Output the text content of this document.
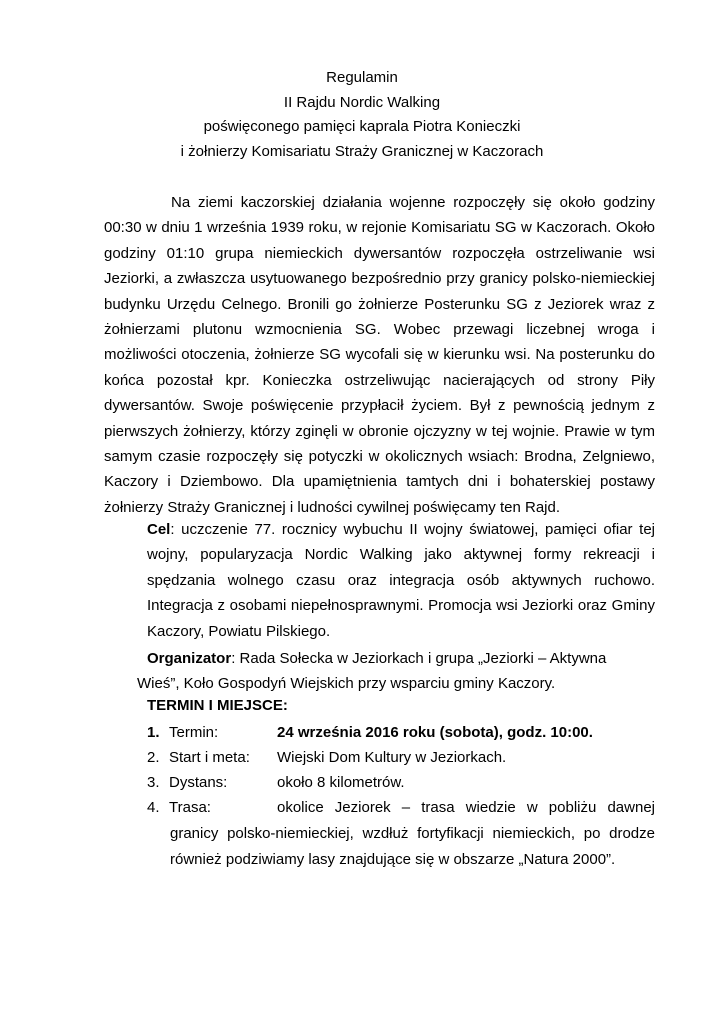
Regulamin
II Rajdu Nordic Walking
poświęconego pamięci kaprala Piotra Konieczki
i żołnierzy Komisariatu Straży Granicznej w Kaczorach

Na ziemi kaczorskiej działania wojenne rozpoczęły się około godziny 00:30 w dniu 1 września 1939 roku, w rejonie Komisariatu SG w Kaczorach. Około godziny 01:10 grupa niemieckich dywersantów rozpoczęła ostrzeliwanie wsi Jeziorki, a zwłaszcza usytuowanego bezpośrednio przy granicy polsko-niemieckiej budynku Urzędu Celnego. Bronili go żołnierze Posterunku SG z Jeziorek wraz z żołnierzami plutonu wzmocnienia SG. Wobec przewagi liczebnej wroga i możliwości otoczenia, żołnierze SG wycofali się w kierunku wsi. Na posterunku do końca pozostał kpr. Konieczka ostrzeliwując nacierających od strony Piły dywersantów. Swoje poświęcenie przypłacił życiem. Był z pewnością jednym z pierwszych żołnierzy, którzy zginęli w obronie ojczyzny w tej wojnie. Prawie w tym samym czasie rozpoczęły się potyczki w okolicznych wsiach: Brodna, Zelgniewo, Kaczory i Dziembowo. Dla upamiętnienia tamtych dni i bohaterskiej postawy żołnierzy Straży Granicznej i ludności cywilnej poświęcamy ten Rajd.

Cel: uczczenie 77. rocznicy wybuchu II wojny światowej, pamięci ofiar tej wojny, popularyzacja Nordic Walking jako aktywnej formy rekreacji i spędzania wolnego czasu oraz integracja osób aktywnych ruchowo. Integracja z osobami niepełnosprawnymi. Promocja wsi Jeziorki oraz Gminy Kaczory, Powiatu Pilskiego.

Organizator: Rada Sołecka w Jeziorkach i grupa „Jeziorki – Aktywna
Wieś”, Koło Gospodyń Wiejskich przy wsparciu gminy Kaczory.

TERMIN I MIEJSCE:
1. Termin:	24 września 2016 roku (sobota), godz. 10:00.
2. Start i meta: Wiejski Dom Kultury w Jeziorkach.
3. Dystans:	około 8 kilometrów.
4. Trasa:	okolice Jeziorek – trasa wiedzie w pobliżu dawnej granicy polsko-niemieckiej, wzdłuż fortyfikacji niemieckich, po drodze również podziwiamy lasy znajdujące się w obszarze „Natura 2000”.
